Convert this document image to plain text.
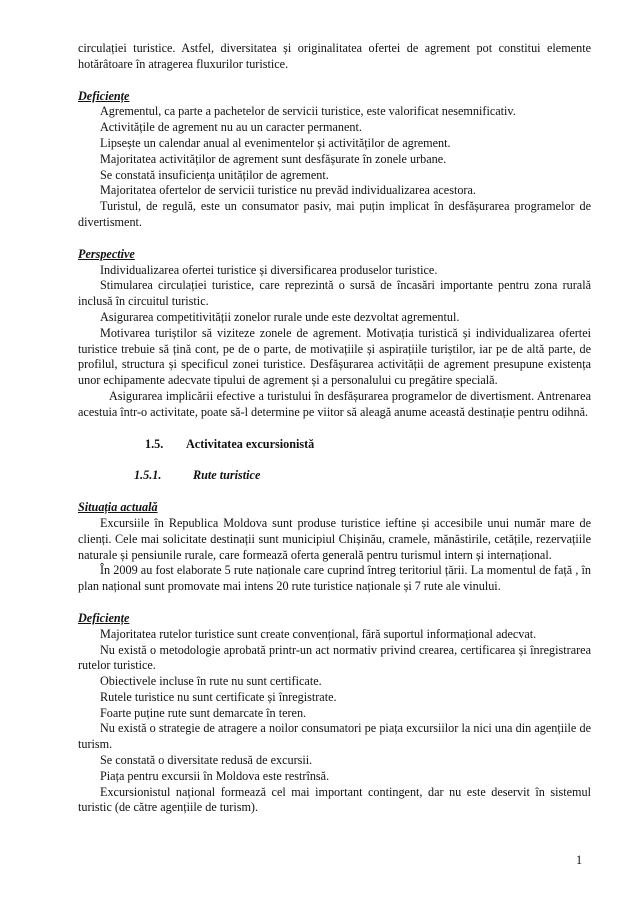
circulației turistice. Astfel, diversitatea și originalitatea ofertei de agrement pot constitui elemente hotărâtoare în atragerea fluxurilor turistice.

Deficiențe

Agrementul, ca parte a pachetelor de servicii turistice, este valorificat nesemnificativ.

Activitățile de agrement nu au un caracter permanent.

Lipsește un calendar anual al evenimentelor și activităților de agrement.

Majoritatea activităților de agrement sunt desfășurate în zonele urbane.

Se constată insuficiența unităților de agrement.

Majoritatea ofertelor de servicii turistice nu prevăd individualizarea acestora.

Turistul, de regulă, este un consumator pasiv, mai puțin implicat în desfășurarea programelor de divertisment.

Perspective

Individualizarea ofertei turistice și diversificarea produselor turistice.

Stimularea circulației turistice, care reprezintă o sursă de încasări importante pentru zona rurală inclusă în circuitul turistic.

Asigurarea competitivității zonelor rurale unde este dezvoltat agrementul.

Motivarea turiștilor să viziteze zonele de agrement. Motivația turistică și individualizarea ofertei turistice trebuie să țină cont, pe de o parte, de motivațiile și aspirațiile turiștilor, iar pe de altă parte, de profilul, structura și specificul zonei turistice. Desfășurarea activității de agrement presupune existența unor echipamente adecvate tipului de agrement și a personalului cu pregătire specială.

Asigurarea implicării efective a turistului în desfășurarea programelor de divertisment. Antrenarea acestuia într-o activitate, poate să-l determine pe viitor să aleagă anume această destinație pentru odihnă.

1.5. Activitatea excursionistă

1.5.1.	Rute turistice

Situația actuală

Excursiile în Republica Moldova sunt produse turistice ieftine și accesibile unui număr mare de clienți. Cele mai solicitate destinații sunt municipiul Chișinău, cramele, mănăstirile, cetățile, rezervațiile naturale și pensiunile rurale, care formează oferta generală pentru turismul intern și internațional.

În 2009 au fost elaborate 5 rute naționale care cuprind întreg teritoriul țării. La momentul de față , în plan național sunt promovate mai intens 20 rute turistice naționale și 7 rute ale vinului.

Deficiențe

Majoritatea rutelor turistice sunt create convențional, fără suportul informațional adecvat.

Nu există o metodologie aprobată printr-un act normativ privind crearea, certificarea și înregistrarea rutelor turistice.

Obiectivele incluse în rute nu sunt certificate.

Rutele turistice nu sunt certificate și înregistrate.

Foarte puține rute sunt demarcate în teren.

Nu există o strategie de atragere a noilor consumatori pe piața excursiilor la nici una din agențiile de turism.

Se constată o diversitate redusă de excursii.

Piața pentru excursii în Moldova este restrînsă.

Excursionistul național formează cel mai important contingent, dar nu este deservit în sistemul turistic (de către agențiile de turism).

1
